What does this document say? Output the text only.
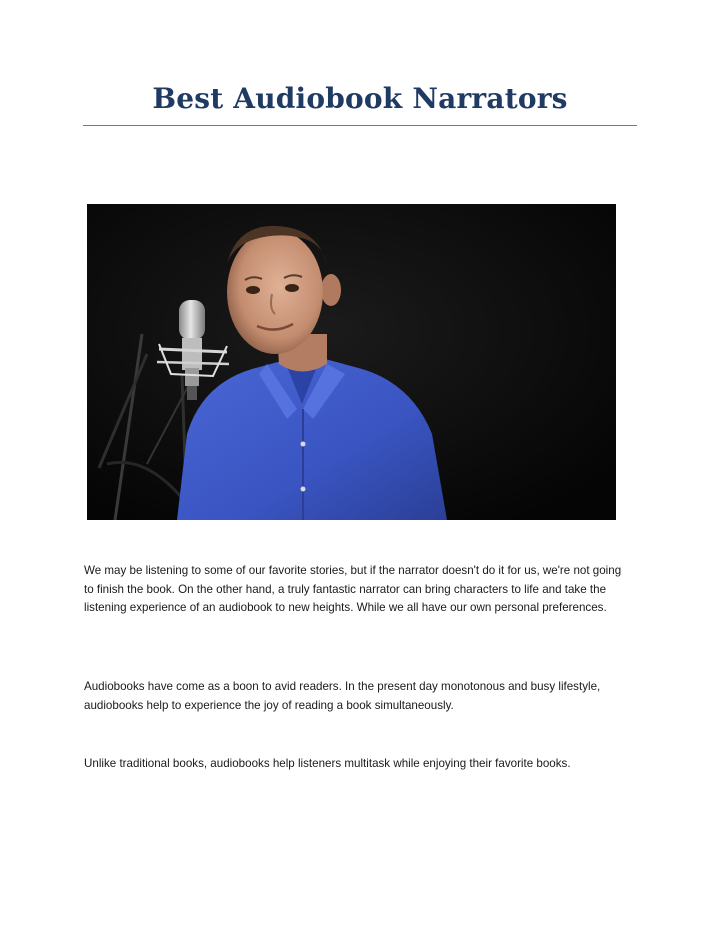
Best Audiobook Narrators

We may be listening to some of our favorite stories, but if the narrator doesn't do it for us, we're not going to finish the book. On the other hand, a truly fantastic narrator can bring characters to life and take the listening experience of an audiobook to new heights. While we all have our own personal preferences.

Audiobooks have come as a boon to avid readers. In the present day monotonous and busy lifestyle, audiobooks help to experience the joy of reading a book simultaneously.

Unlike traditional books, audiobooks help listeners multitask while enjoying their favorite books.
